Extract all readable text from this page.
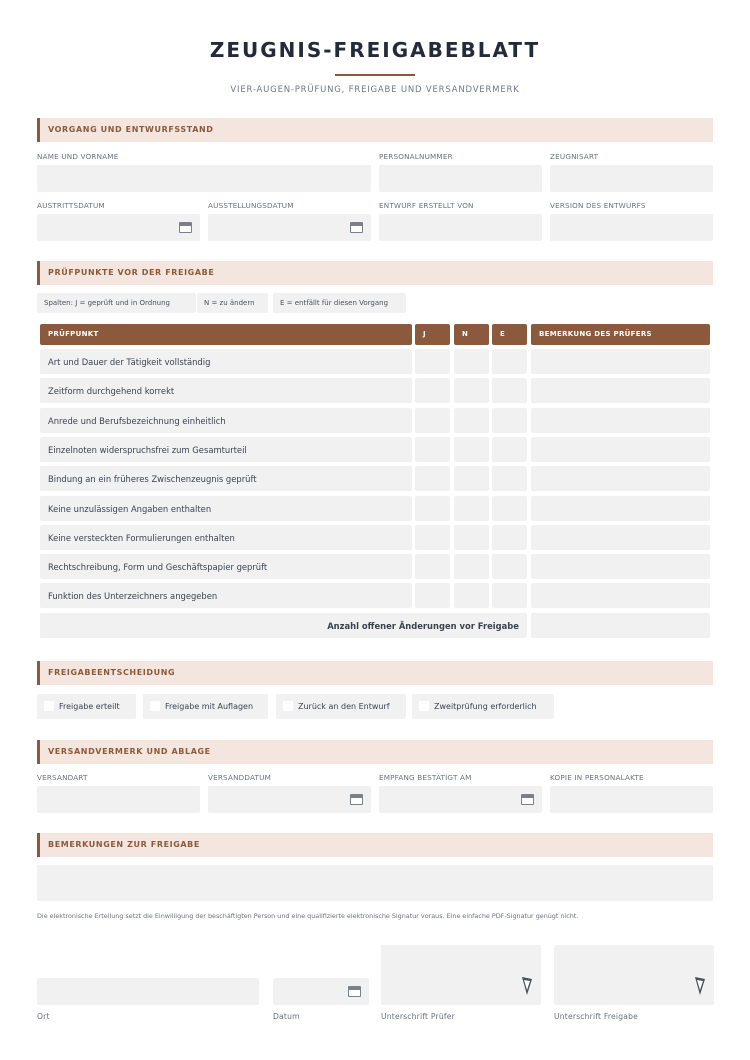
ZEUGNIS-FREIGABEBLATT
VIER-AUGEN-PRÜFUNG, FREIGABE UND VERSANDVERMERK
VORGANG UND ENTWURFSSTAND
NAME UND VORNAME	PERSONALNUMMER	ZEUGNISART
AUSTRITTSDATUM	AUSSTELLUNGSDATUM	ENTWURF ERSTELLT VON	VERSION DES ENTWURFS
PRÜFPUNKTE VOR DER FREIGABE
Spalten: J = geprüft und in Ordnung	N = zu ändern	E = entfällt für diesen Vorgang
PRÜFPUNKT	J	N	E	BEMERKUNG DES PRÜFERS
Art und Dauer der Tätigkeit vollständig
Zeitform durchgehend korrekt
Anrede und Berufsbezeichnung einheitlich
Einzelnoten widerspruchsfrei zum Gesamturteil
Bindung an ein früheres Zwischenzeugnis geprüft
Keine unzulässigen Angaben enthalten
Keine versteckten Formulierungen enthalten
Rechtschreibung, Form und Geschäftspapier geprüft
Funktion des Unterzeichners angegeben
Anzahl offener Änderungen vor Freigabe
FREIGABEENTSCHEIDUNG
Freigabe erteilt	Freigabe mit Auflagen	Zurück an den Entwurf	Zweitprüfung erforderlich
VERSANDVERMERK UND ABLAGE
VERSANDART	VERSANDDATUM	EMPFANG BESTÄTIGT AM	KOPIE IN PERSONALAKTE
BEMERKUNGEN ZUR FREIGABE
Die elektronische Erteilung setzt die Einwilligung der beschäftigten Person und eine qualifizierte elektronische Signatur voraus. Eine einfache PDF-Signatur genügt nicht.
Ort	Datum	Unterschrift Prüfer	Unterschrift Freigabe
